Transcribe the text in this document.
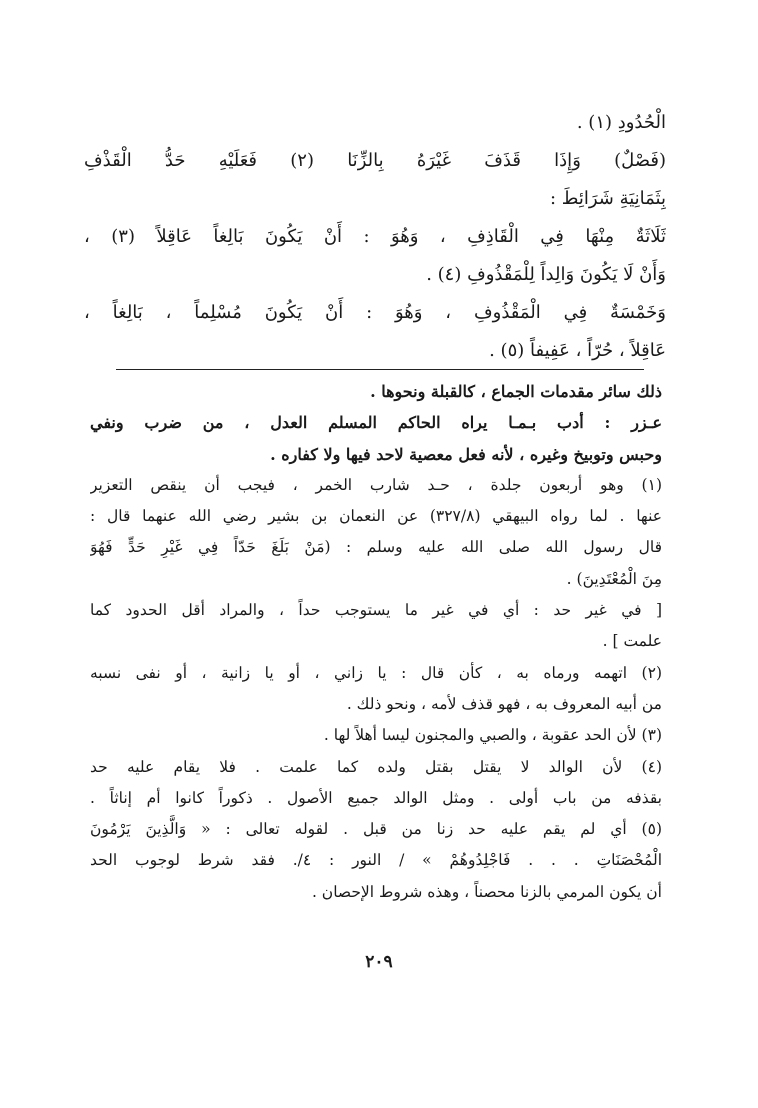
الْحُدُودِ (١) .
(فَصْلٌ) وَإِذَا قَذَفَ غَيْرَهُ بِالزِّنَا (٢) فَعَلَيْهِ حَدُّ الْقَذْفِ
بِثَمَانِيَةِ شَرَائِطَ :
ثَلَاثَةٌ مِنْهَا فِي الْقَاذِفِ ، وَهُوَ : أَنْ يَكُونَ بَالِغاً عَاقِلاً (٣) ،
وَأَنْ لَا يَكُونَ وَالِداً لِلْمَقْذُوفِ (٤) .
وَخَمْسَةٌ فِي الْمَقْذُوفِ ، وَهُوَ : أَنْ يَكُونَ مُسْلِماً ، بَالِغاً ،
عَاقِلاً ، حُرّاً ، عَفِيفاً (٥) .
ذلك سائر مقدمات الجماع ، كالقبلة ونحوها .
عـزر : أدب بـمـا يراه الحاكم المسلم العدل ، من ضرب ونفي
وحبس وتوبيخ وغيره ، لأنه فعل معصية لاحد فيها ولا كفاره .
(١) وهو أربعون جلدة ، حـد شارب الخمر ، فيجب أن ينقص التعزير
عنها . لما رواه البيهقي (٣٢٧/٨) عن النعمان بن بشير رضي الله عنهما قال :
قال رسول الله صلى الله عليه وسلم : (مَنْ بَلَغَ حَدّاً فِي غَيْرِ حَدٍّ فَهُوَ
مِنَ الْمُعْتَدِينَ) .
[ في غير حد : أي في غير ما يستوجب حداً ، والمراد أقل الحدود كما
علمت ] .
(٢) اتهمه ورماه به ، كأن قال : يا زاني ، أو يا زانية ، أو نفى نسبه
من أبيه المعروف به ، فهو قذف لأمه ، ونحو ذلك .
(٣) لأن الحد عقوبة ، والصبي والمجنون ليسا أهلاً لها .
(٤) لأن الوالد لا يقتل بقتل ولده كما علمت . فلا يقام عليه حد
بقذفه من باب أولى . ومثل الوالد جميع الأصول . ذكوراً كانوا أم إناثاً .
(٥) أي لم يقم عليه حد زنا من قبل . لقوله تعالى : « وَالَّذِينَ يَرْمُونَ
الْمُحْصَنَاتِ . . . فَاجْلِدُوهُمْ » / النور : ٤/. فقد شرط لوجوب الحد
أن يكون المرمي بالزنا محصناً ، وهذه شروط الإحصان .
٢٠٩
